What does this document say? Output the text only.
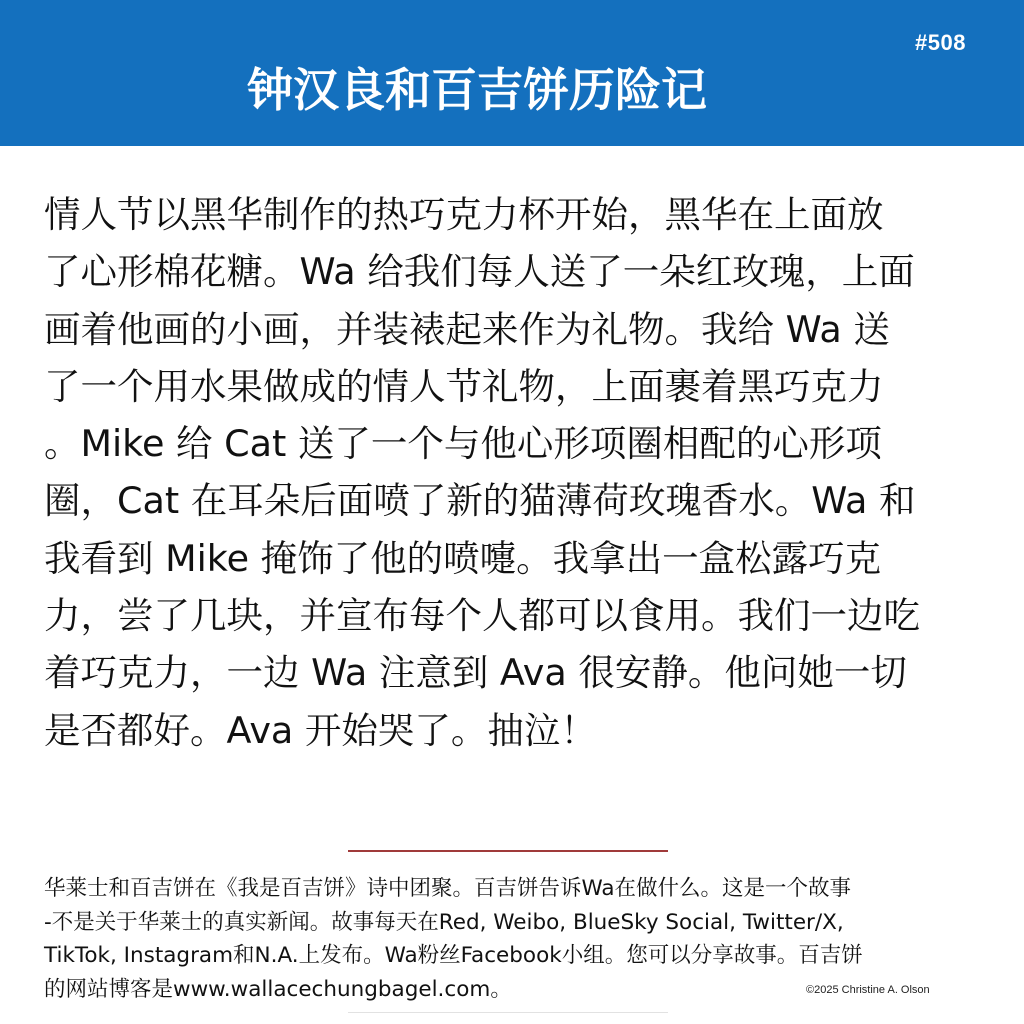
#508
钟汉良和百吉饼历险记
情人节以黑华制作的热巧克力杯开始，黑华在上面放
了心形棉花糖。Wa 给我们每人送了一朵红玫瑰，上面
画着他画的小画，并装裱起来作为礼物。我给 Wa 送
了一个用水果做成的情人节礼物，上面裹着黑巧克力
。Mike 给 Cat 送了一个与他心形项圈相配的心形项
圈，Cat 在耳朵后面喷了新的猫薄荷玫瑰香水。Wa 和
我看到 Mike 掩饰了他的喷嚏。我拿出一盒松露巧克
力，尝了几块，并宣布每个人都可以食用。我们一边吃
着巧克力，一边 Wa 注意到 Ava 很安静。他问她一切
是否都好。Ava 开始哭了。抽泣！
华莱士和百吉饼在《我是百吉饼》诗中团聚。百吉饼告诉Wa在做什么。这是一个故事
-不是关于华莱士的真实新闻。故事每天在Red, Weibo, BlueSky Social, Twitter/X,
TikTok, Instagram和N.A.上发布。Wa粉丝Facebook小组。您可以分享故事。百吉饼
的网站博客是www.wallacechungbagel.com。	©2025 Christine A. Olson
